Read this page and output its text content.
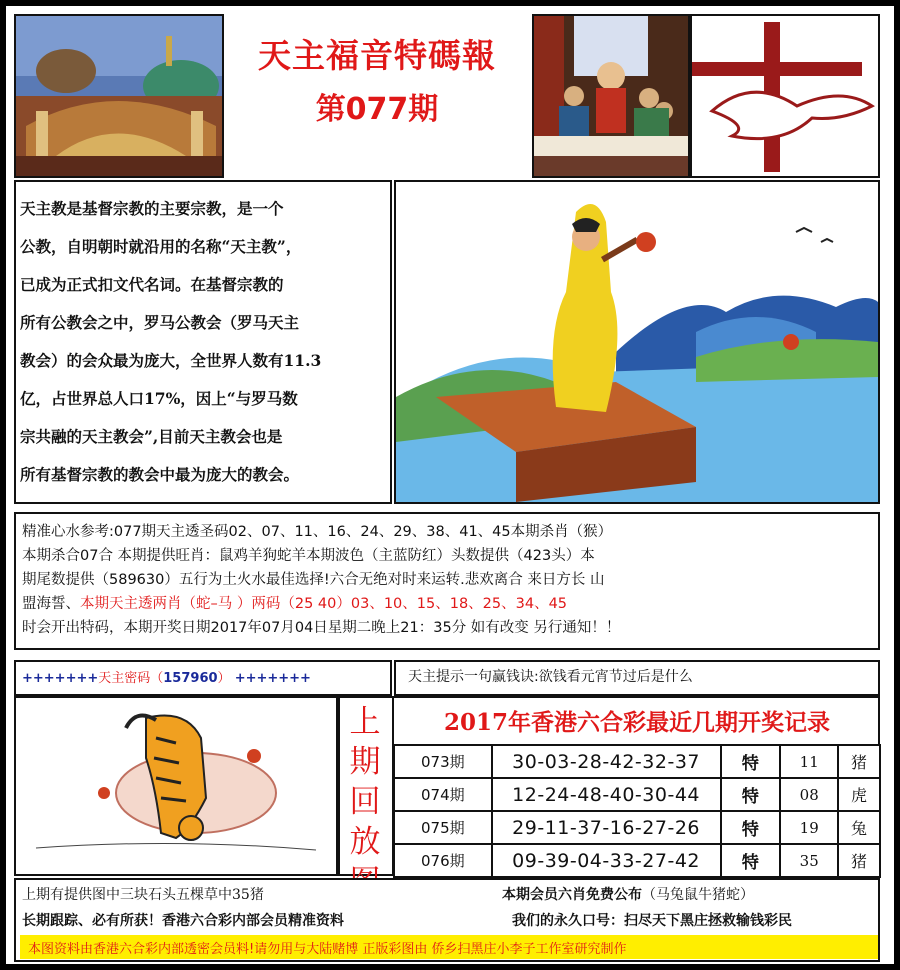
天主福音特碼報
第077期
天主教是基督宗教的主要宗教，是一个
公教，自明朝时就沿用的名称“天主教”，
已成为正式扣文代名词。在基督宗教的
所有公教会之中，罗马公教会（罗马天主
教会）的会众最为庞大，全世界人数有11.3
亿，占世界总人口17%，因上“与罗马数
宗共融的天主教会”,目前天主教会也是
所有基督宗教的教会中最为庞大的教会。
精准心水参考:077期天主透圣码02、07、11、16、24、29、38、41、45本期杀肖（猴）
本期杀合07合 本期提供旺肖：鼠鸡羊狗蛇羊本期波色（主蓝防红）头数提供（423头）本
期尾数提供（589630）五行为土火水最佳选择!六合无绝对时来运转.悲欢离合 来日方长 山
盟海誓、本期天主透两肖（蛇–马 ）两码（25 40）03、10、15、18、25、34、45
时会开出特码，本期开奖日期2017年07月04日星期二晚上21：35分 如有改变 另行通知！！
+++++++天主密码（157960） +++++++	天主提示一句赢钱诀:欲钱看元宵节过后是什么
上
期
回
放
2017年香港六合彩最近几期开奖记录
073期	30-03-28-42-32-37	特	11	猪
074期	12-24-48-40-30-44	特	08	虎
075期	29-11-37-16-27-26	特	19	兔
076期	09-39-04-33-27-42	特	35	猪
上期有提供图中三块石头五棵草中35猪	本期会员六肖免费公布（马兔鼠牛猪蛇）
长期跟踪、必有所获！香港六合彩内部会员精准资料	我们的永久口号：扫尽天下黑庄拯救输钱彩民
本图资料由香港六合彩内部透密会员料!请勿用与大陆赌博 正版彩图由 侨乡扫黑庄小李子工作室研究制作
